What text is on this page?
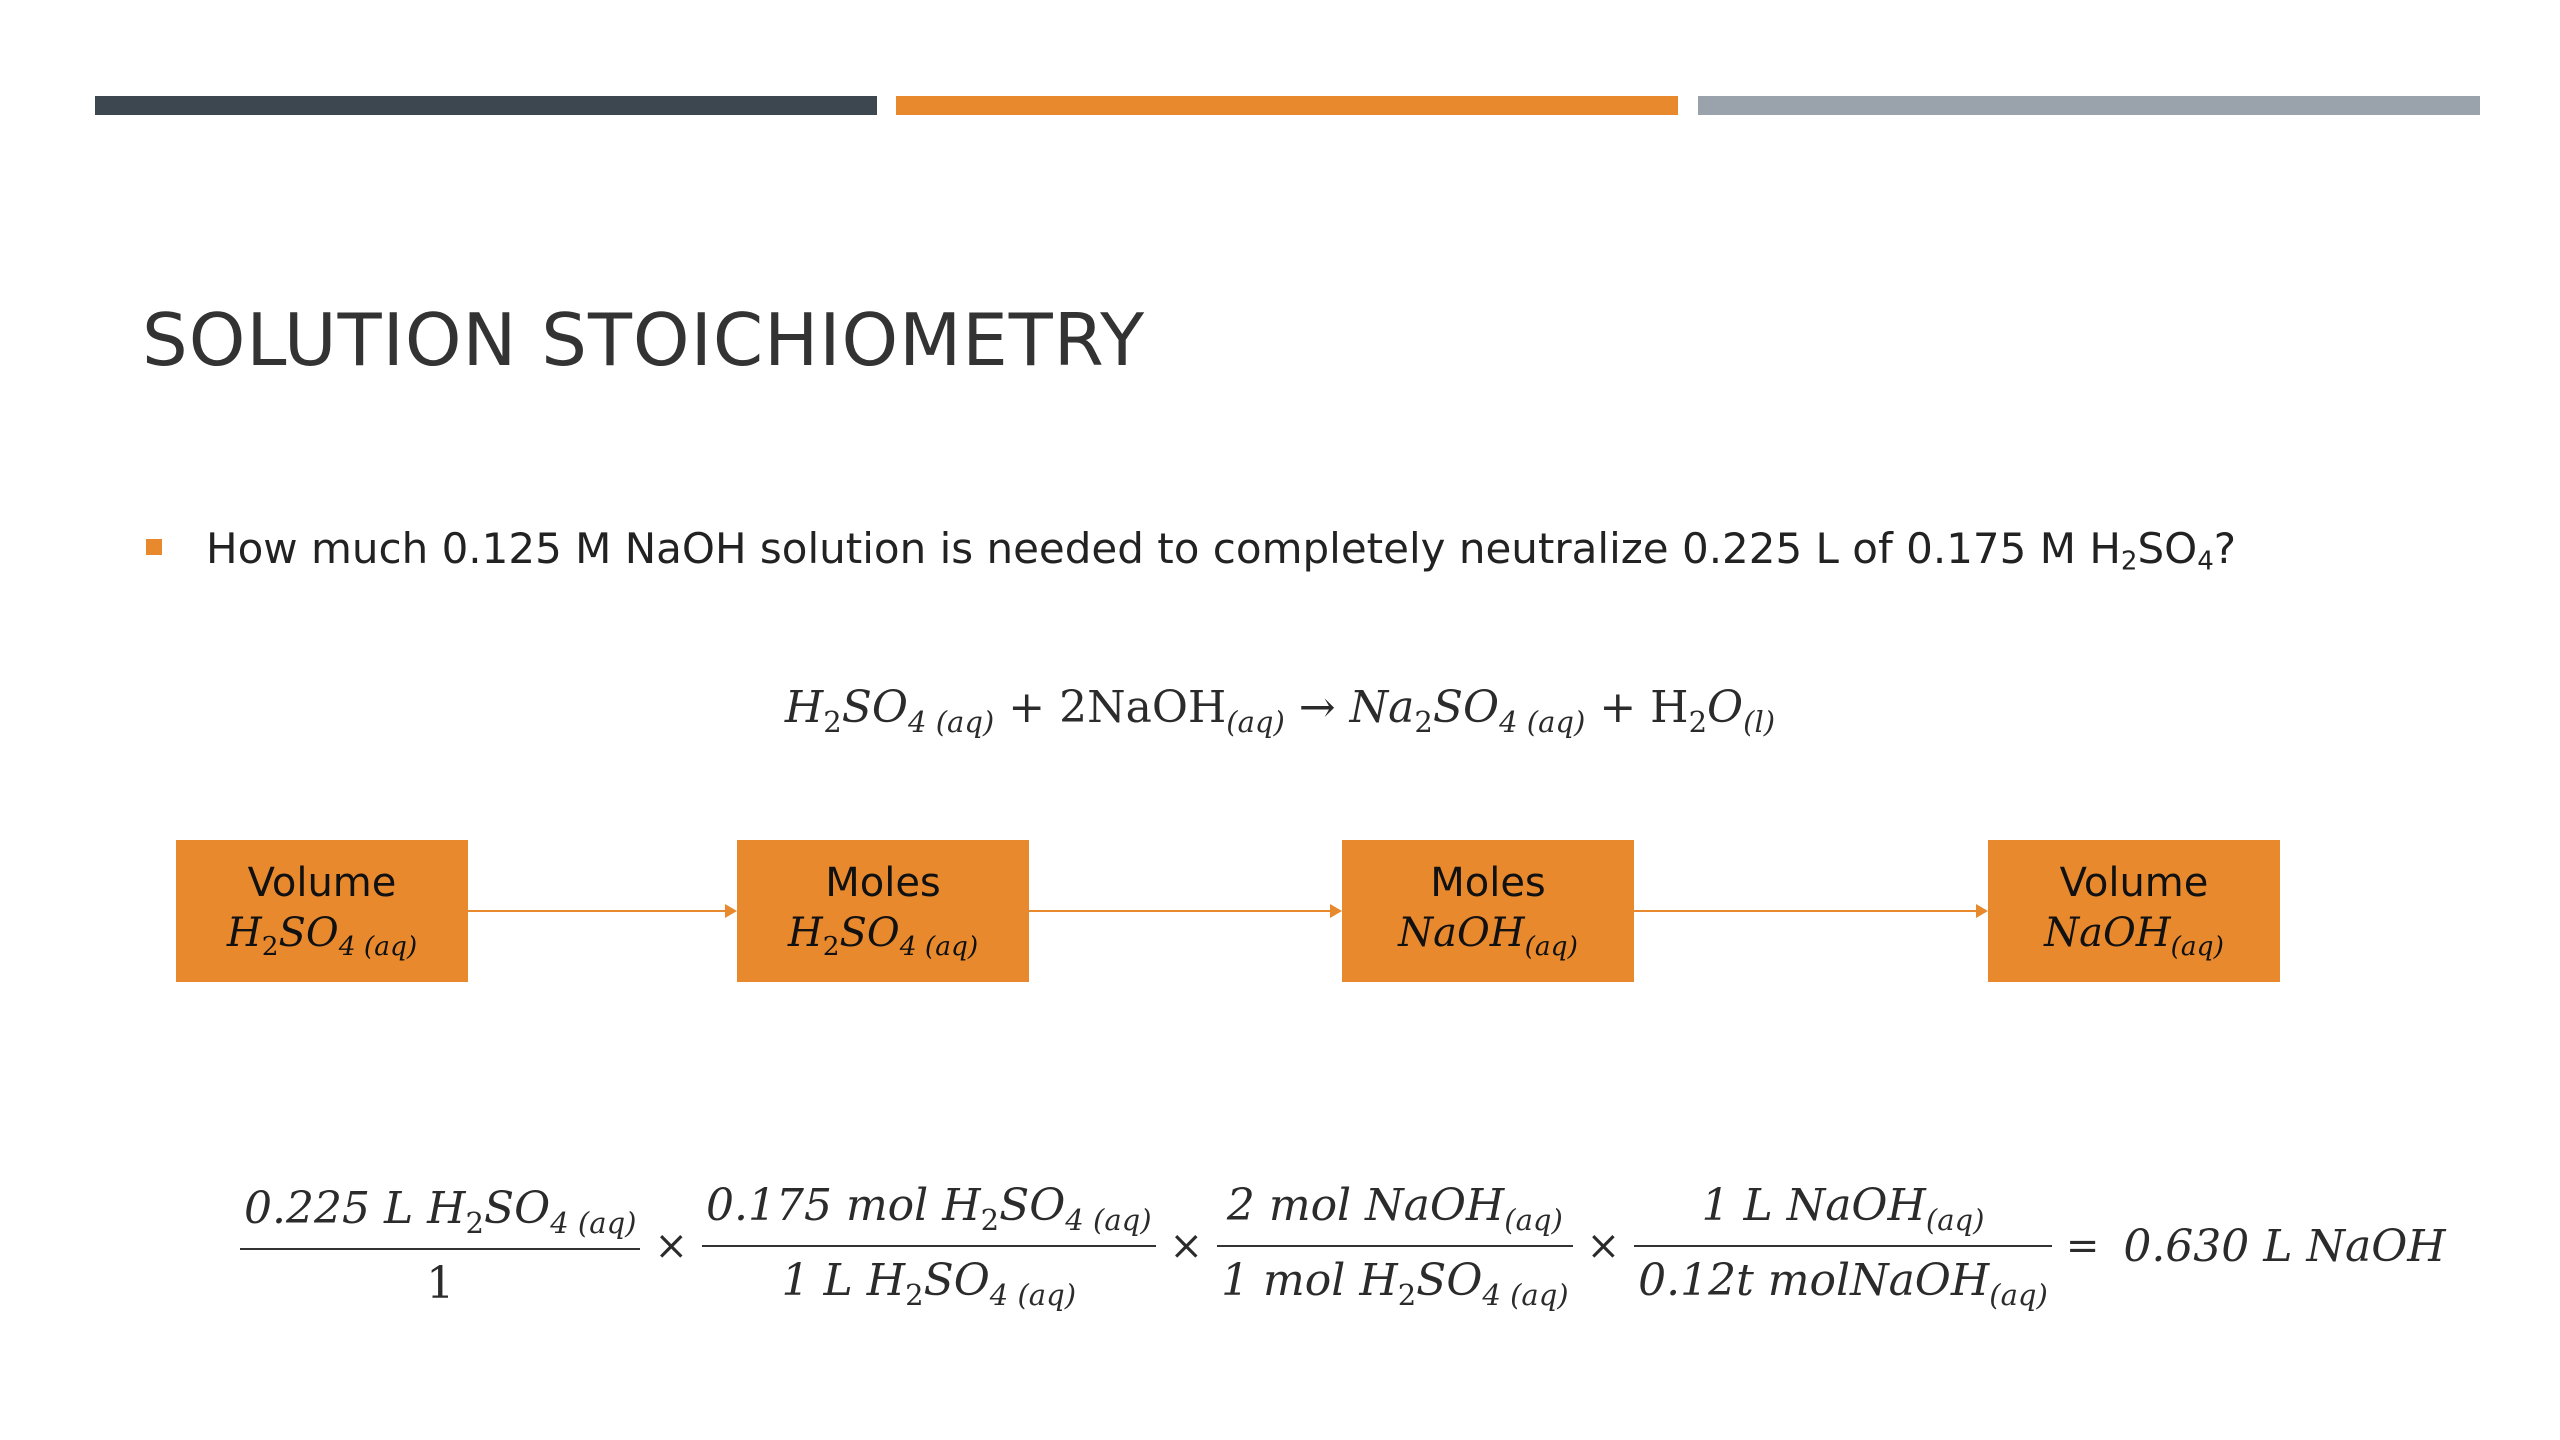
SOLUTION STOICHIOMETRY
How much 0.125 M NaOH solution is needed to completely neutralize 0.225 L of 0.175 M H2SO4?
$H_2SO_{4 (aq)}$ + 2NaOH$_{(aq)}$ → $Na_2SO_{4 (aq)} + H_2O_{(l)}$
Volume
$H_2SO_{4 (aq)}$
Moles
$H_2SO_{4 (aq)}$
Moles
NaOH$_{(aq)}$
Volume
NaOH$_{(aq)}$
$\frac{0.225 L H_2SO_{4 (aq)}}{1} \times \frac{0.175 mol H_2SO_{4 (aq)}}{1 L H_2SO_{4 (aq)}} \times \frac{2 mol NaOH_{(aq)}}{1 mol H_2SO_{4 (aq)}} \times \frac{1 L NaOH_{(aq)}}{0.12t molNaOH_{(aq)}} = 0.630$ L NaOH
